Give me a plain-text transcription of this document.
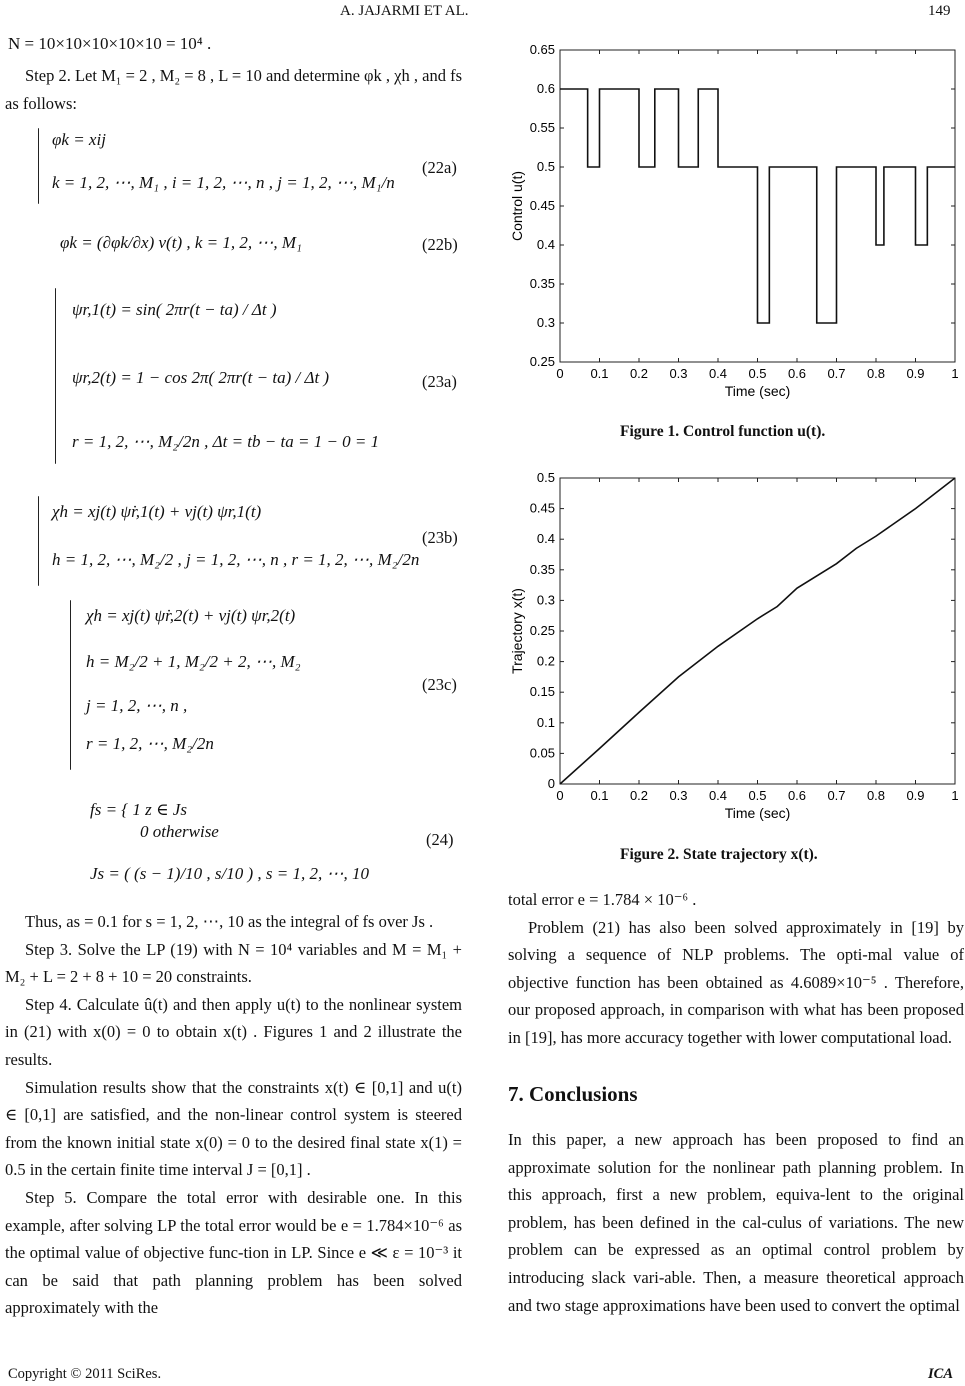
A. JAJARMI ET AL.	149
N = 10×10×10×10×10 = 10⁴ .

Step 2. Let M₁ = 2 , M₂ = 8 , L = 10 and determine φk , χh , and fs as follows:

φk = xij
k = 1, 2, ⋯, M₁ , i = 1, 2, ⋯, n , j = 1, 2, ⋯, M₁/n
(22a)
φk = (∂φk/∂x) v(t) , k = 1, 2, ⋯, M₁	(22b)
ψr,1(t) = sin( 2πr(t − ta) / Δt )
ψr,2(t) = 1 − cos 2π( 2πr(t − ta) / Δt )
r = 1, 2, ⋯, M₂/2n , Δt = tb − ta = 1 − 0 = 1
(23a)
χh = xj(t) ψ̇r,1(t) + vj(t) ψr,1(t)
h = 1, 2, ⋯, M₂/2 , j = 1, 2, ⋯, n , r = 1, 2, ⋯, M₂/2n
(23b)
χh = xj(t) ψ̇r,2(t) + vj(t) ψr,2(t)
h = M₂/2 + 1, M₂/2 + 2, ⋯, M₂
j = 1, 2, ⋯, n ,
r = 1, 2, ⋯, M₂/2n
(23c)
fs = { 1 z ∈ Js
0 otherwise
Js = ( (s − 1)/10 , s/10 ) , s = 1, 2, ⋯, 10
(24)

Thus, as = 0.1 for s = 1, 2, ⋯, 10 as the integral of fs over Js .

Step 3. Solve the LP (19) with N = 10⁴ variables and M = M₁ + M₂ + L = 2 + 8 + 10 = 20 constraints.

Step 4. Calculate û(t) and then apply u(t) to the nonlinear system in (21) with x(0) = 0 to obtain x(t) . Figures 1 and 2 illustrate the results.

Simulation results show that the constraints x(t) ∈ [0,1] and u(t) ∈ [0,1] are satisfied, and the non-linear control system is steered from the known initial state x(0) = 0 to the desired final state x(1) = 0.5 in the certain finite time interval J = [0,1] .

Step 5. Compare the total error with desirable one. In this example, after solving LP the total error would be e = 1.784×10⁻⁶ as the optimal value of objective func-tion in LP. Since e ≪ ε = 10⁻³ it can be said that path planning problem has been solved approximately with the

0 0.1 0.2 0.3 0.4 0.5 0.6 0.7 0.8 0.9 1
0.25
0.3
0.35
0.4
0.45
0.5
0.55
0.6
0.65
Time (sec)
Control u(t)
Figure 1. Control function u(t).
0 0.1 0.2 0.3 0.4 0.5 0.6 0.7 0.8 0.9 1
0
0.05
0.1
0.15
0.2
0.25
0.3
0.35
0.4
0.45
0.5
Time (sec)
Trajectory x(t)
Figure 2. State trajectory x(t).

total error e = 1.784 × 10⁻⁶ .

Problem (21) has also been solved approximately in [19] by solving a sequence of NLP problems. The opti-mal value of objective function has been obtained as 4.6089×10⁻⁵ . Therefore, our proposed approach, in comparison with what has been proposed in [19], has more accuracy together with lower computational load.

7. Conclusions

In this paper, a new approach has been proposed to find an approximate solution for the nonlinear path planning problem. In this approach, first a new problem, equiva-lent to the original problem, has been defined in the cal-culus of variations. The new problem can be expressed as an optimal control problem by introducing slack vari-able. Then, a measure theoretical approach and two stage approximations have been used to convert the optimal

Copyright © 2011 SciRes.	ICA
